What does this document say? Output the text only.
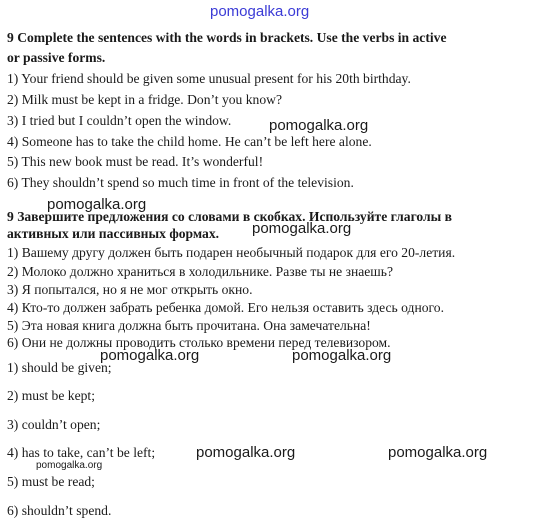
pomogalka.org
9 Complete the sentences with the words in brackets. Use the verbs in active
or passive forms.
1) Your friend should be given some unusual present for his 20th birthday.
2) Milk must be kept in a fridge. Don’t you know?
3) I tried but I couldn’t open the window.
4) Someone has to take the child home. He can’t be left here alone.
5) This new book must be read. It’s wonderful!
6) They shouldn’t spend so much time in front of the television.
pomogalka.org
pomogalka.org
9 Завершите предложения со словами в скобках. Используйте глаголы в
активных или пассивных формах. pomogalka.org
1) Вашему другу должен быть подарен необычный подарок для его 20-летия.
2) Молоко должно храниться в холодильнике. Разве ты не знаешь?
3) Я попытался, но я не мог открыть окно.
4) Кто-то должен забрать ребенка домой. Его нельзя оставить здесь одного.
5) Эта новая книга должна быть прочитана. Она замечательна!
6) Они не должны проводить столько времени перед телевизором.
pomogalka.org	pomogalka.org
1) should be given;
2) must be kept;
3) couldn’t open;
4) has to take, can’t be left;	pomogalka.org	pomogalka.org
pomogalka.org
5) must be read;
6) shouldn’t spend.
